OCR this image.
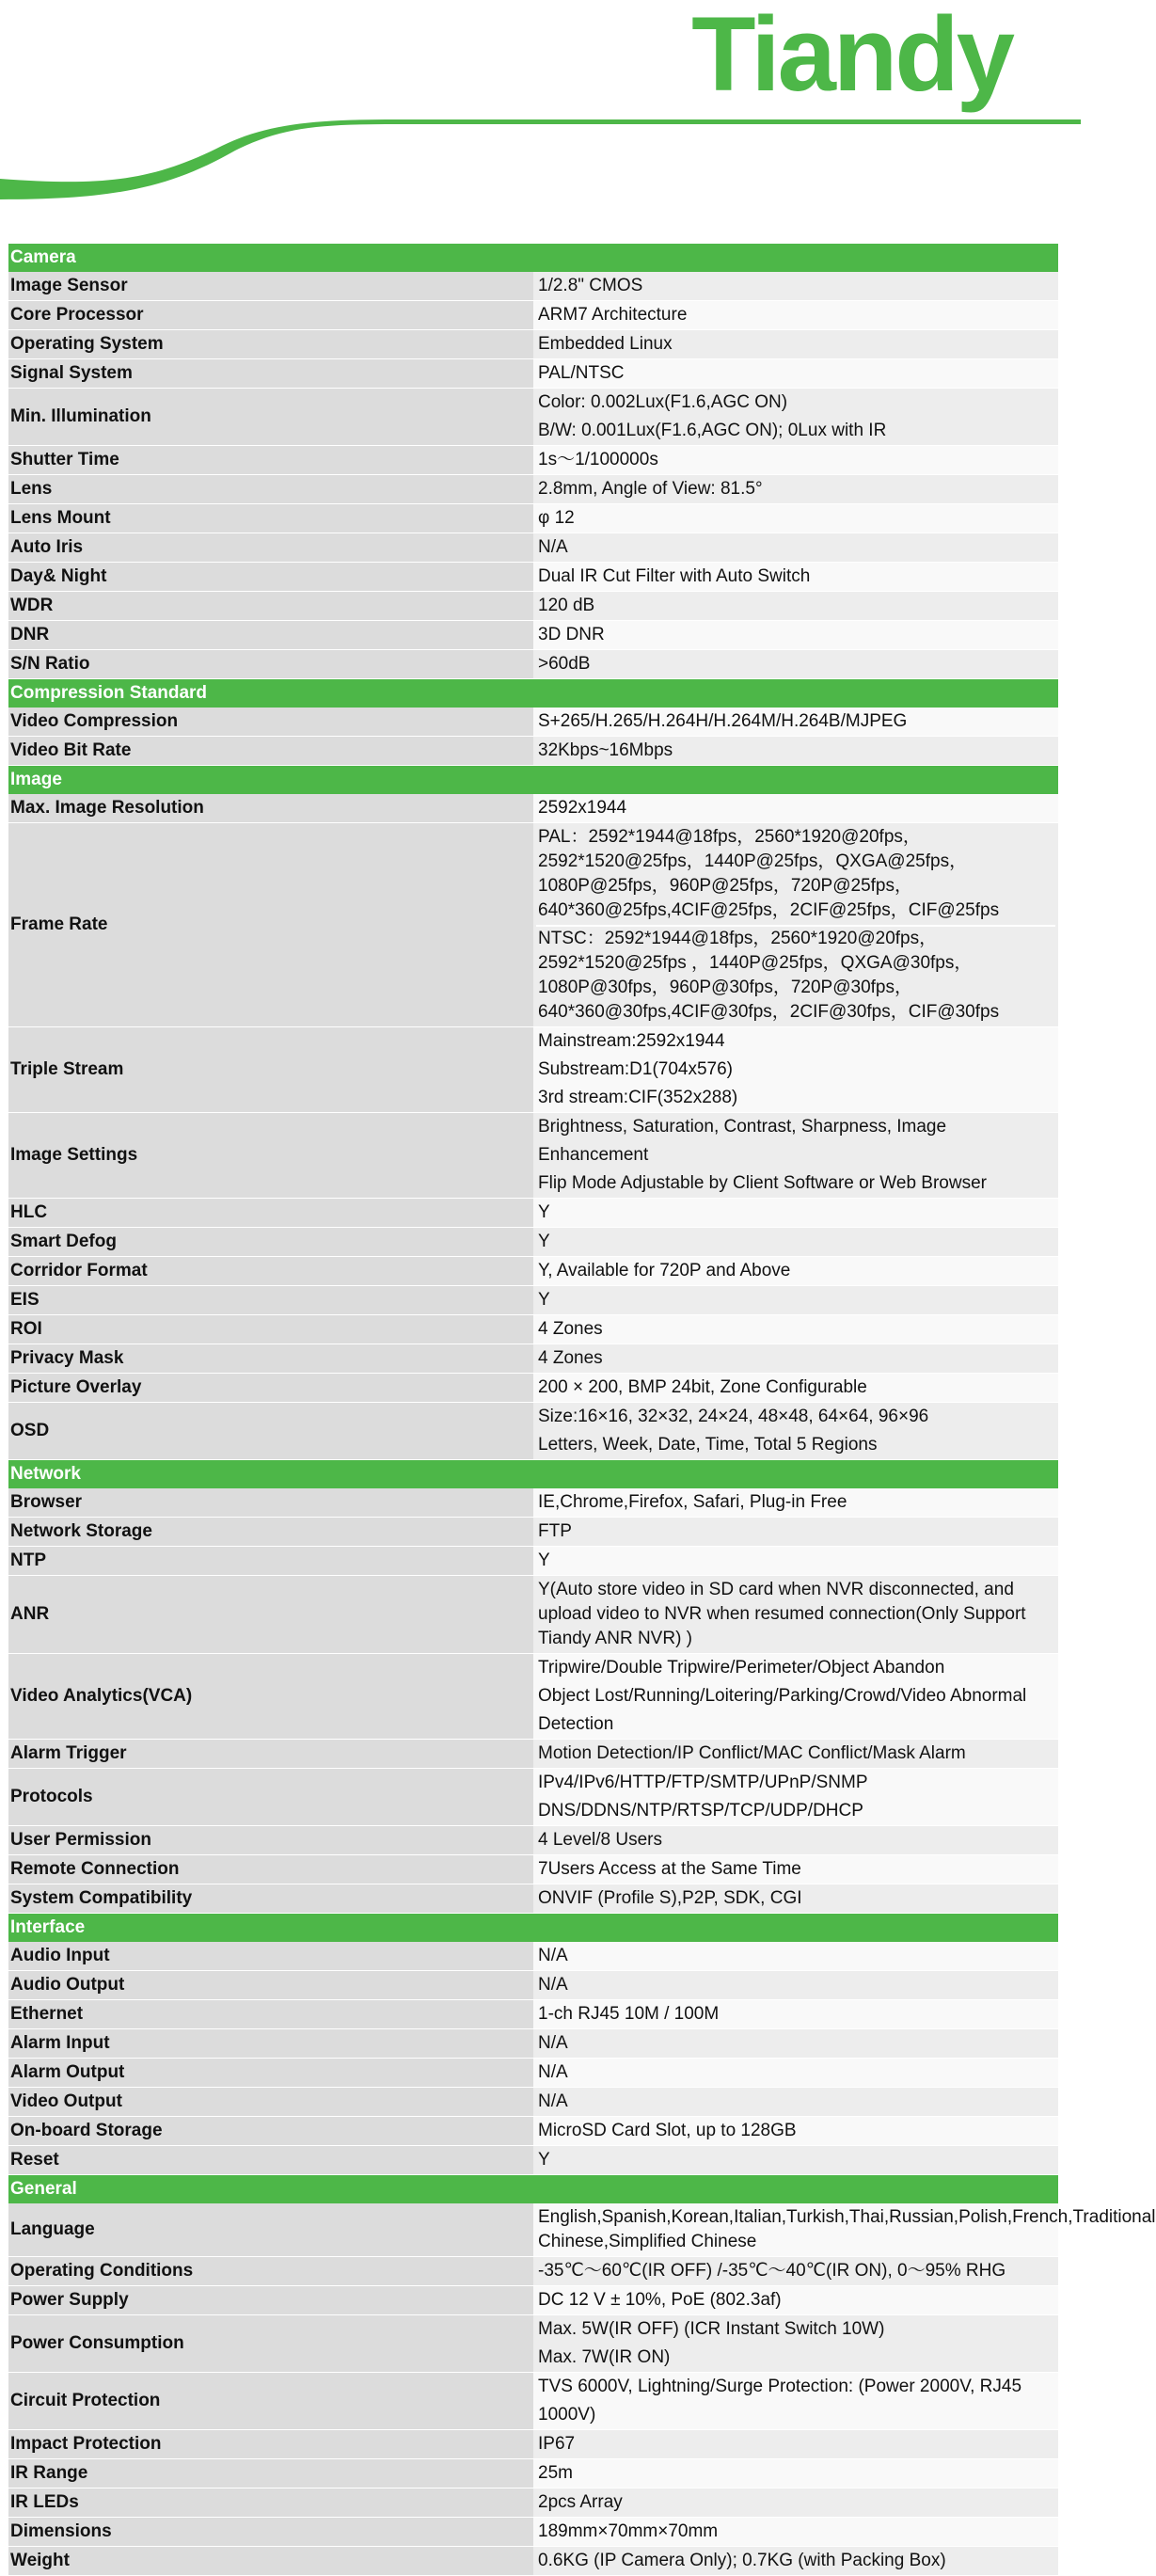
Tiandy
Camera	
Image Sensor	1/2.8" CMOS

Core Processor	ARM7 Architecture

Operating System	Embedded Linux

Signal System	PAL/NTSC

Min. Illumination	Color: 0.002Lux(F1.6,AGC ON)
B/W: 0.001Lux(F1.6,AGC ON); 0Lux with IR

Shutter Time	1s～1/100000s

Lens	2.8mm, Angle of View: 81.5°

Lens Mount	φ 12

Auto Iris	N/A

Day& Night	Dual IR Cut Filter with Auto Switch

WDR	120 dB

DNR	3D DNR

S/N Ratio	>60dB

Compression Standard	
Video Compression	S+265/H.265/H.264H/H.264M/H.264B/MJPEG

Video Bit Rate	32Kbps~16Mbps

Image	
Max. Image Resolution	2592x1944

Frame Rate	PAL：2592*1944@18fps，2560*1920@20fps，2592*1520@25fps，1440P@25fps，QXGA@25fps，1080P@25fps，960P@25fps，720P@25fps，640*360@25fps,4CIF@25fps，2CIF@25fps，CIF@25fps
NTSC：2592*1944@18fps，2560*1920@20fps，2592*1520@25fps ，1440P@25fps，QXGA@30fps，1080P@30fps，960P@30fps，720P@30fps，640*360@30fps,4CIF@30fps，2CIF@30fps，CIF@30fps

Triple Stream	Mainstream:2592x1944
Substream:D1(704x576)
3rd stream:CIF(352x288)

Image Settings	Brightness, Saturation, Contrast, Sharpness, Image Enhancement
Flip Mode Adjustable by Client Software or Web Browser

HLC	Y

Smart Defog	Y

Corridor Format	Y, Available for 720P and Above

EIS	Y

ROI	4 Zones

Privacy Mask	4 Zones

Picture Overlay	200 × 200, BMP 24bit, Zone Configurable

OSD	Size:16×16, 32×32, 24×24, 48×48, 64×64, 96×96
Letters, Week, Date, Time, Total 5 Regions

Network	
Browser	IE,Chrome,Firefox, Safari, Plug-in Free

Network Storage	FTP

NTP	Y

ANR	Y(Auto store video in SD card when NVR disconnected, and upload video to NVR when resumed connection(Only Support Tiandy ANR NVR) )

Video Analytics(VCA)	Tripwire/Double Tripwire/Perimeter/Object Abandon
Object Lost/Running/Loitering/Parking/Crowd/Video Abnormal Detection

Alarm Trigger	Motion Detection/IP Conflict/MAC Conflict/Mask Alarm

Protocols	IPv4/IPv6/HTTP/FTP/SMTP/UPnP/SNMP
DNS/DDNS/NTP/RTSP/TCP/UDP/DHCP

User Permission	4 Level/8 Users

Remote Connection	7Users Access at the Same Time

System Compatibility	ONVIF (Profile S),P2P, SDK, CGI

Interface	
Audio Input	N/A

Audio Output	N/A

Ethernet	1-ch RJ45 10M / 100M

Alarm Input	N/A

Alarm Output	N/A

Video Output	N/A

On-board Storage	MicroSD Card Slot, up to 128GB

Reset	Y

General	
Language	English,Spanish,Korean,Italian,Turkish,Thai,Russian,Polish,French,Traditional Chinese,Simplified Chinese

Operating Conditions	-35℃～60℃(IR OFF) /-35℃～40℃(IR ON), 0～95% RHG

Power Supply	DC 12 V ± 10%, PoE (802.3af)

Power Consumption	Max. 5W(IR OFF) (ICR Instant Switch 10W)
Max. 7W(IR ON)

Circuit Protection	TVS 6000V, Lightning/Surge Protection: (Power 2000V, RJ45 1000V)

Impact Protection	IP67

IR Range	25m

IR LEDs	2pcs Array

Dimensions	189mm×70mm×70mm

Weight	0.6KG (IP Camera Only); 0.7KG (with Packing Box)
